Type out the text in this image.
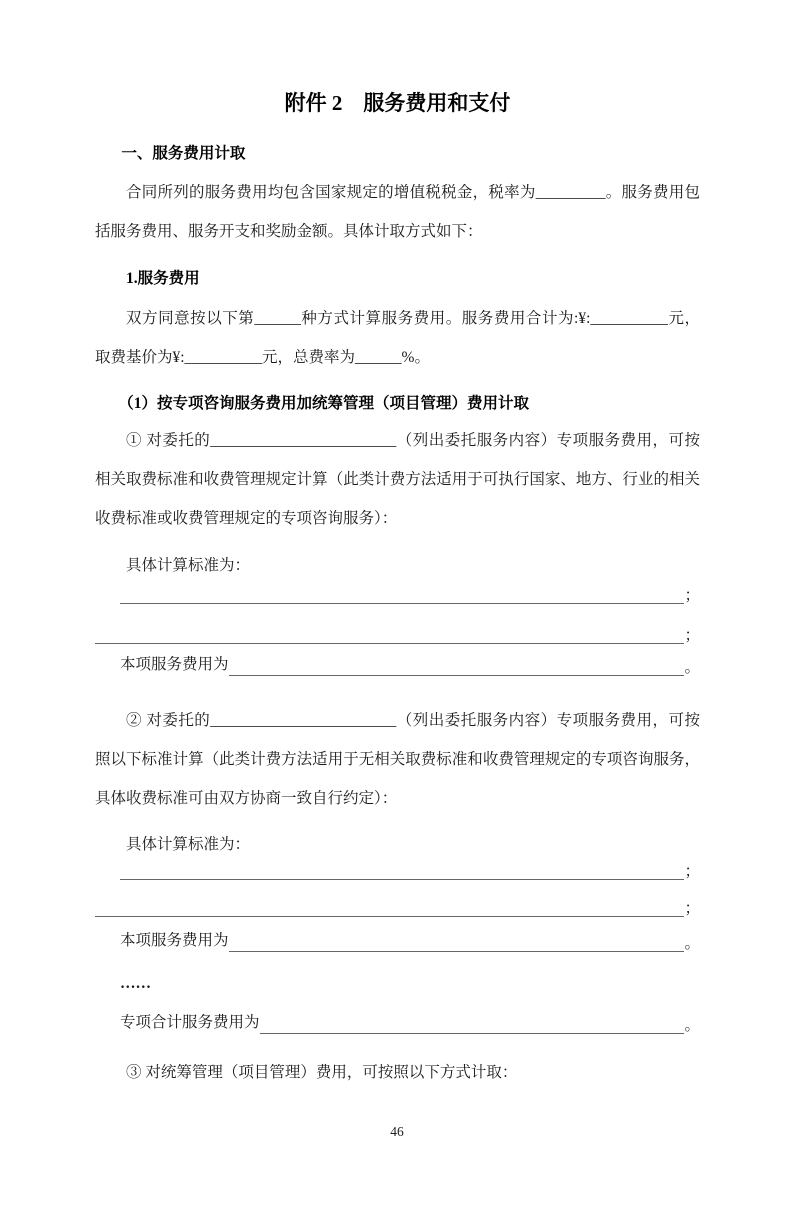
附件 2　服务费用和支付
一、服务费用计取

合同所列的服务费用均包含国家规定的增值税税金，税率为_________。服务费用包括服务费用、服务开支和奖励金额。具体计取方式如下：

1.服务费用

双方同意按以下第______种方式计算服务费用。服务费用合计为:¥:__________元，取费基价为¥:__________元，总费率为______%。

（1）按专项咨询服务费用加统筹管理（项目管理）费用计取

① 对委托的________________________（列出委托服务内容）专项服务费用，可按相关取费标准和收费管理规定计算（此类计费方法适用于可执行国家、地方、行业的相关收费标准或收费管理规定的专项咨询服务）：

具体计算标准为：
；
；
本项服务费用为	。

② 对委托的________________________（列出委托服务内容）专项服务费用，可按照以下标准计算（此类计费方法适用于无相关取费标准和收费管理规定的专项咨询服务，具体收费标准可由双方协商一致自行约定）：

具体计算标准为：
；
；
本项服务费用为	。
……
专项合计服务费用为	。

③ 对统筹管理（项目管理）费用，可按照以下方式计取：

46
